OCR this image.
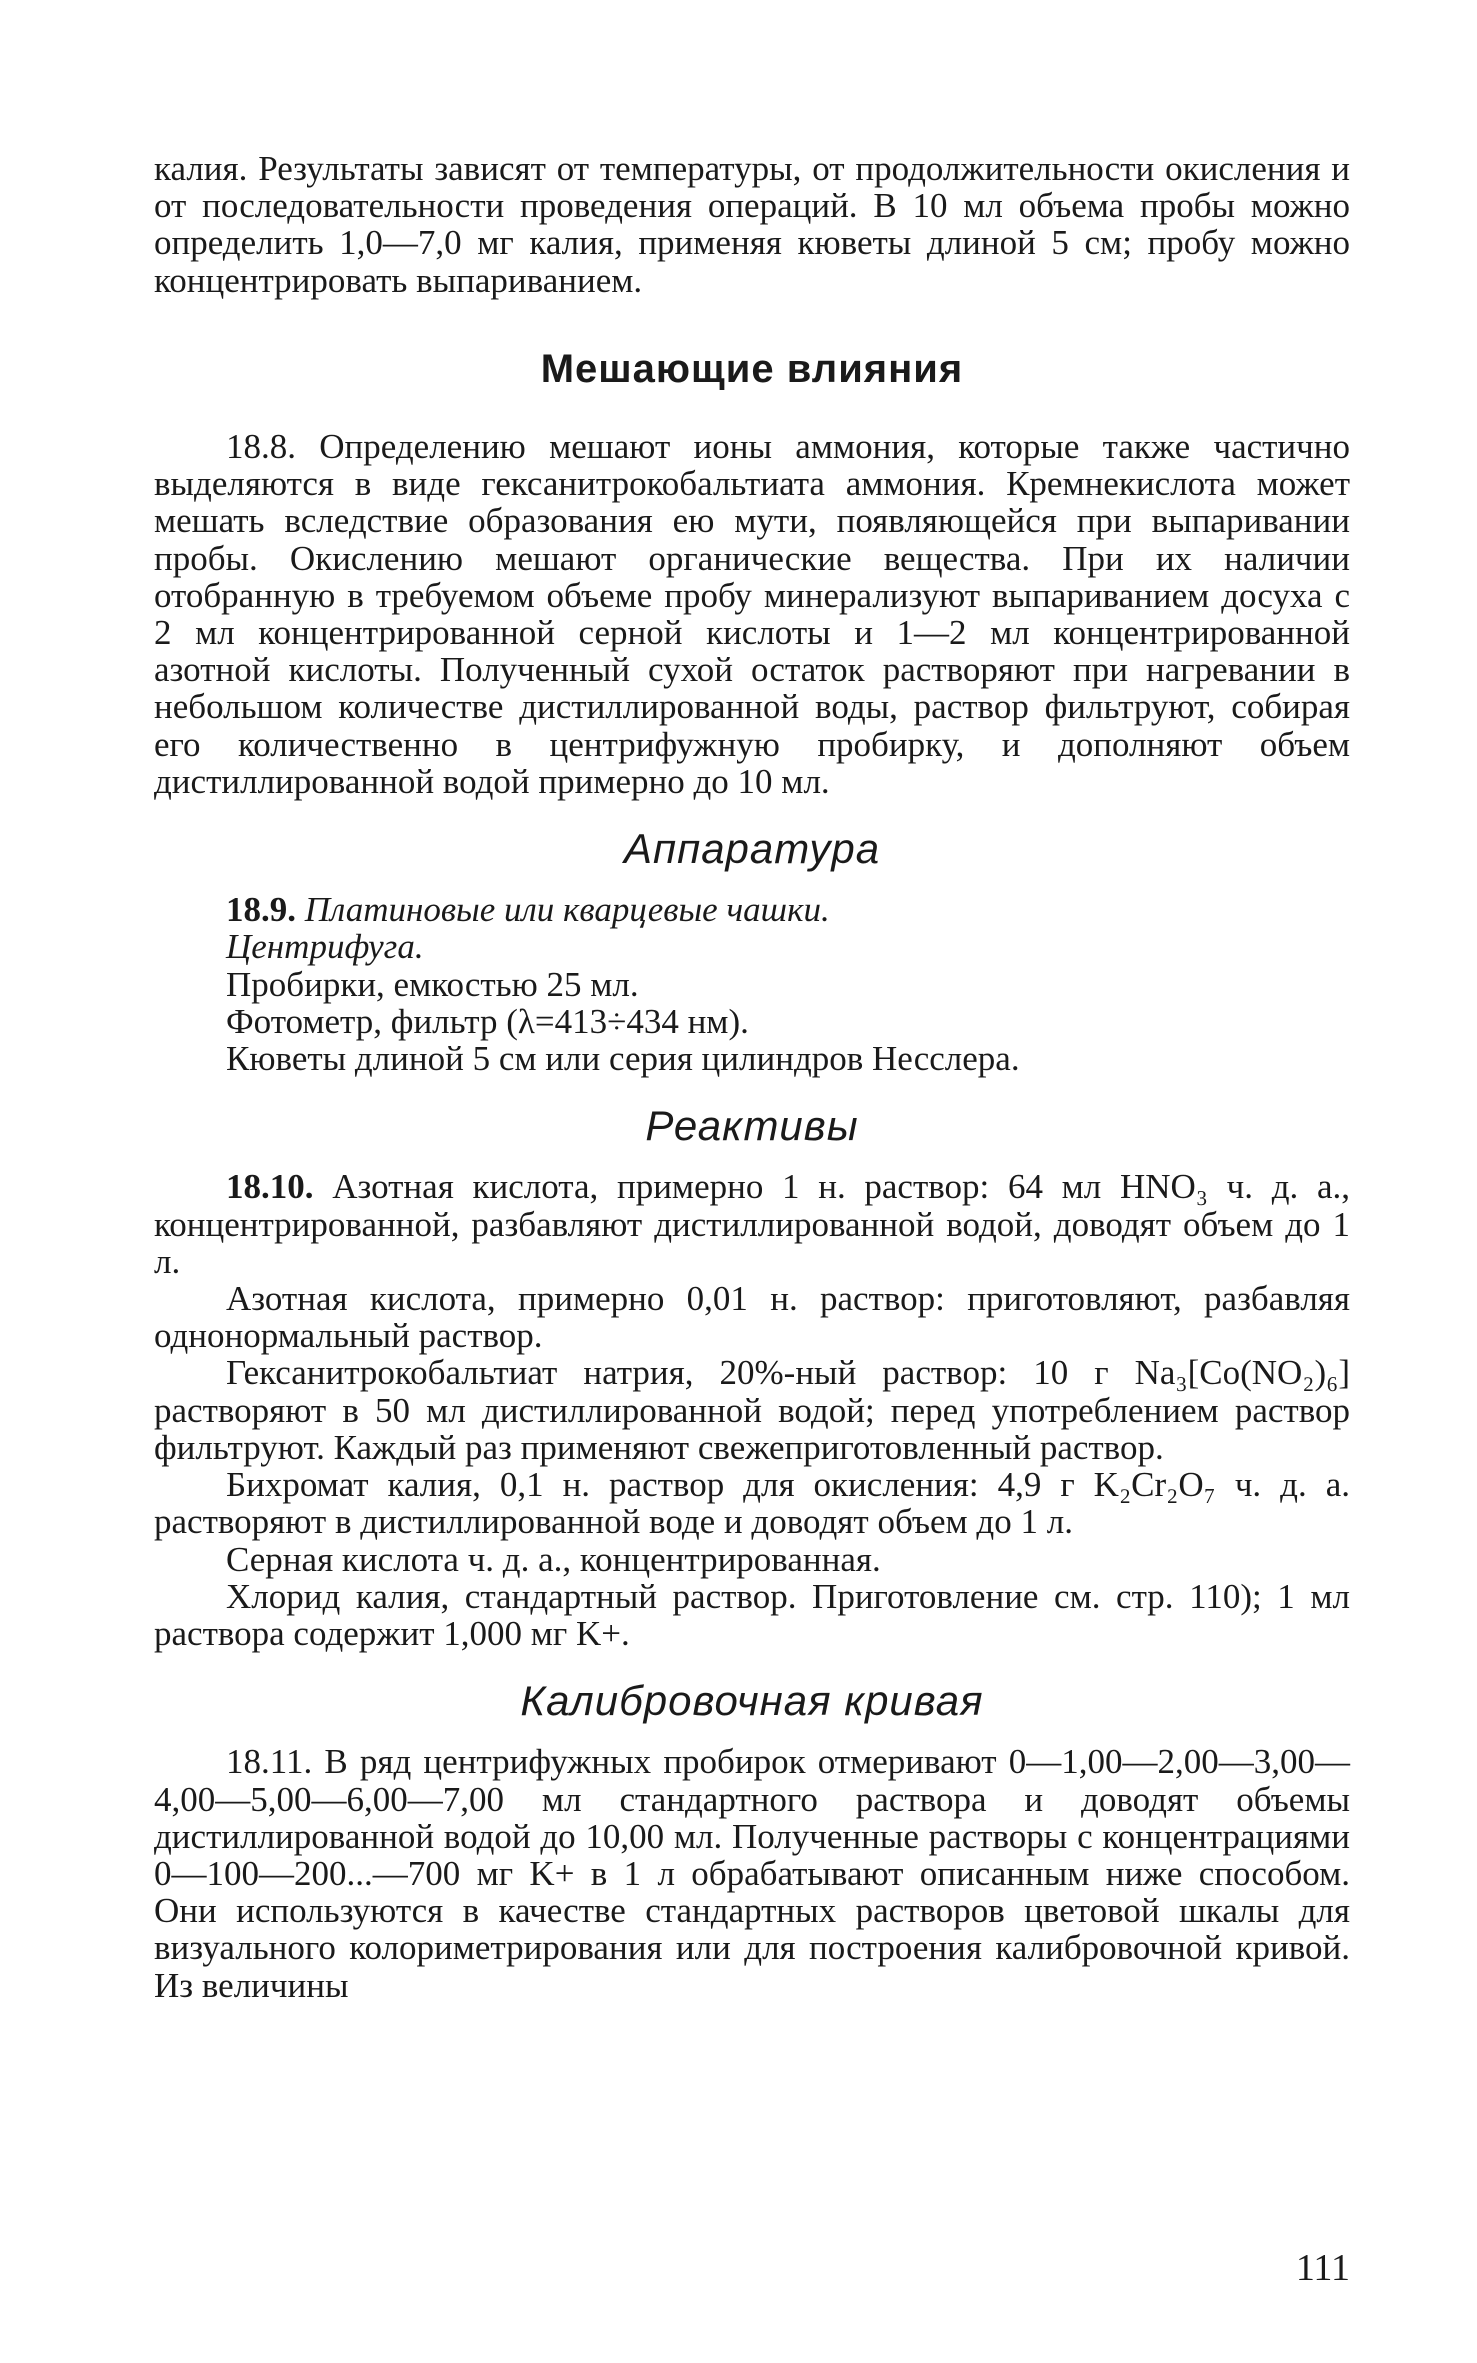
калия. Результаты зависят от температуры, от продолжительности окисления и от последовательности проведения операций. В 10 мл объема пробы можно определить 1,0—7,0 мг калия, применяя кюветы длиной 5 см; пробу можно концентрировать выпариванием.

Мешающие влияния

18.8. Определению мешают ионы аммония, которые также частично выделяются в виде гексанитрокобальтиата аммония. Кремнекислота может мешать вследствие образования ею мути, появляющейся при выпаривании пробы. Окислению мешают органические вещества. При их наличии отобранную в требуемом объеме пробу минерализуют выпариванием досуха с 2 мл концентрированной серной кислоты и 1—2 мл концентрированной азотной кислоты. Полученный сухой остаток растворяют при нагревании в небольшом количестве дистиллированной воды, раствор фильтруют, собирая его количественно в центрифужную пробирку, и дополняют объем дистиллированной водой примерно до 10 мл.

Аппаратура

18.9. Платиновые или кварцевые чашки.

Центрифуга.

Пробирки, емкостью 25 мл.

Фотометр, фильтр (λ=413÷434 нм).

Кюветы длиной 5 см или серия цилиндров Несслера.

Реактивы

18.10. Азотная кислота, примерно 1 н. раствор: 64 мл HNO₃ ч. д. а., концентрированной, разбавляют дистиллированной водой, доводят объем до 1 л.

Азотная кислота, примерно 0,01 н. раствор: приготовляют, разбавляя однонормальный раствор.

Гексанитрокобальтиат натрия, 20%-ный раствор: 10 г Na₃[Co(NO₂)₆] растворяют в 50 мл дистиллированной водой; перед употреблением раствор фильтруют. Каждый раз применяют свежеприготовленный раствор.

Бихромат калия, 0,1 н. раствор для окисления: 4,9 г K₂Cr₂O₇ ч. д. а. растворяют в дистиллированной воде и доводят объем до 1 л.

Серная кислота ч. д. а., концентрированная.

Хлорид калия, стандартный раствор. Приготовление см. стр. 110); 1 мл раствора содержит 1,000 мг K+.

Калибровочная кривая

18.11. В ряд центрифужных пробирок отмеривают 0—1,00—2,00—3,00—4,00—5,00—6,00—7,00 мл стандартного раствора и доводят объемы дистиллированной водой до 10,00 мл. Полученные растворы с концентрациями 0—100—200...—700 мг K+ в 1 л обрабатывают описанным ниже способом. Они используются в качестве стандартных растворов цветовой шкалы для визуального колориметрирования или для построения калибровочной кривой. Из величины

111
